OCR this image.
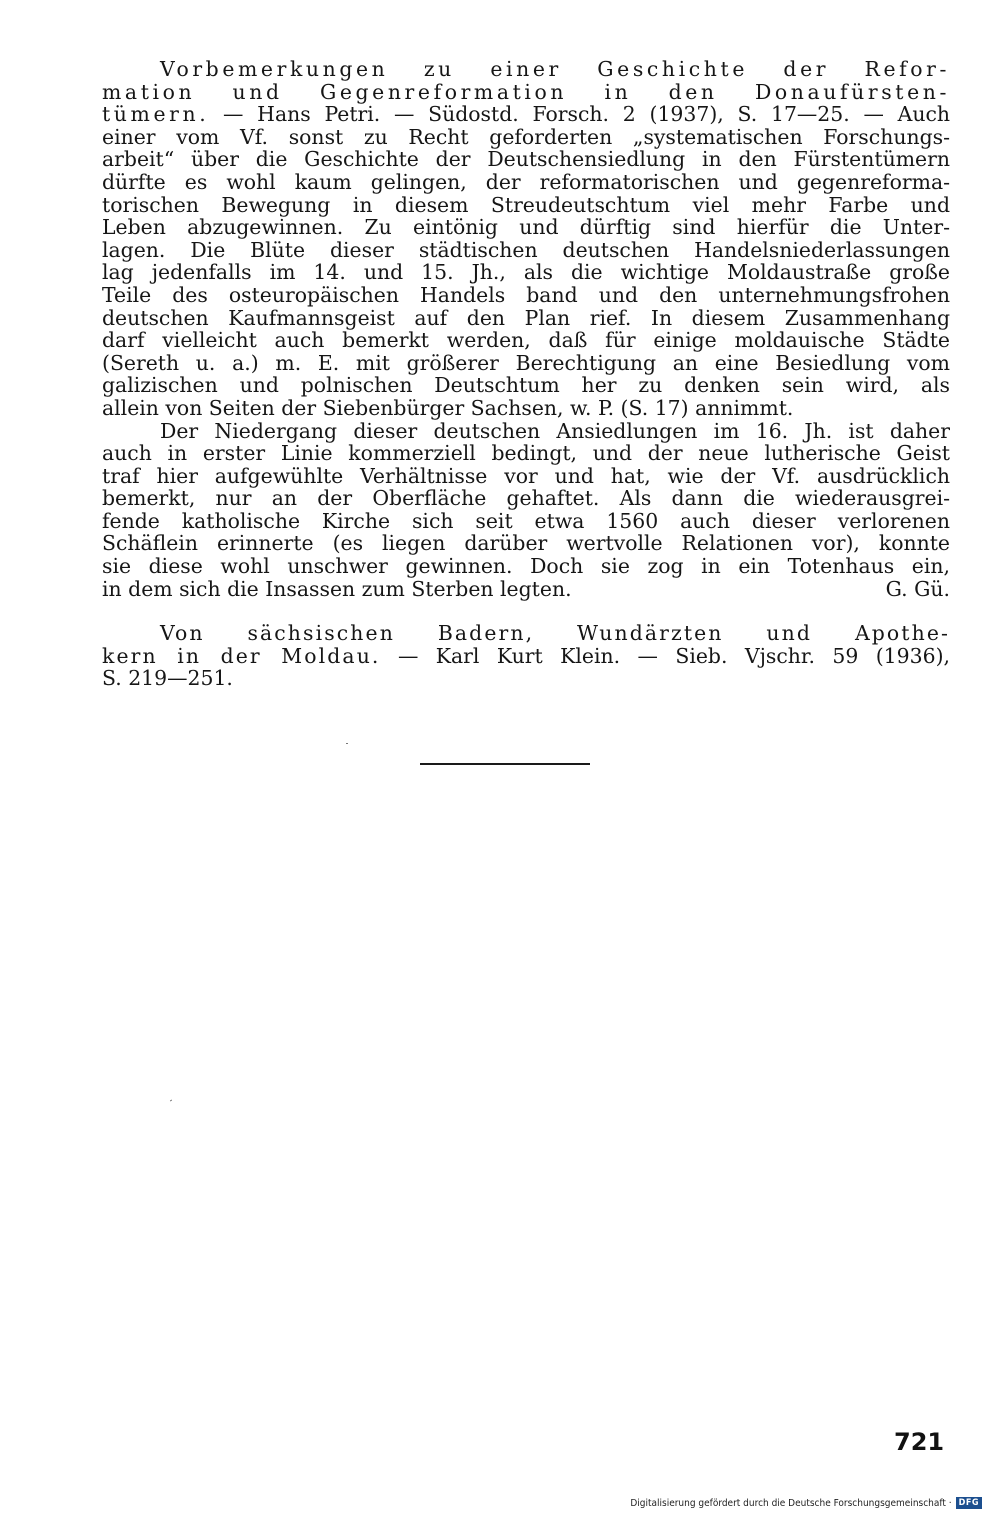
Vorbemerkungen zu einer Geschichte der Refor-

mation und Gegenreformation in den Donaufürsten-

tümern. — Hans Petri. — Südostd. Forsch. 2 (1937), S. 17—25. — Auch

einer vom Vf. sonst zu Recht geforderten „systematischen Forschungs-

arbeit“ über die Geschichte der Deutschensiedlung in den Fürstentümern

dürfte es wohl kaum gelingen, der reformatorischen und gegenreforma-

torischen Bewegung in diesem Streudeutschtum viel mehr Farbe und

Leben abzugewinnen. Zu eintönig und dürftig sind hierfür die Unter-

lagen. Die Blüte dieser städtischen deutschen Handelsniederlassungen

lag jedenfalls im 14. und 15. Jh., als die wichtige Moldaustraße große

Teile des osteuropäischen Handels band und den unternehmungsfrohen

deutschen Kaufmannsgeist auf den Plan rief. In diesem Zusammenhang

darf vielleicht auch bemerkt werden, daß für einige moldauische Städte

(Sereth u. a.) m. E. mit größerer Berechtigung an eine Besiedlung vom

galizischen und polnischen Deutschtum her zu denken sein wird, als

allein von Seiten der Siebenbürger Sachsen, w. P. (S. 17) annimmt.

Der Niedergang dieser deutschen Ansiedlungen im 16. Jh. ist daher

auch in erster Linie kommerziell bedingt, und der neue lutherische Geist

traf hier aufgewühlte Verhältnisse vor und hat, wie der Vf. ausdrücklich

bemerkt, nur an der Oberfläche gehaftet. Als dann die wiederausgrei-

fende katholische Kirche sich seit etwa 1560 auch dieser verlorenen

Schäflein erinnerte (es liegen darüber wertvolle Relationen vor), konnte

sie diese wohl unschwer gewinnen. Doch sie zog in ein Totenhaus ein,

in dem sich die Insassen zum Sterben legten.	G. Gü.

Von sächsischen Badern, Wundärzten und Apothe-

kern in der Moldau. — Karl Kurt Klein. — Sieb. Vjschr. 59 (1936),

S. 219—251.

721
Digitalisierung gefördert durch die Deutsche Forschungsgemeinschaft · DFG
